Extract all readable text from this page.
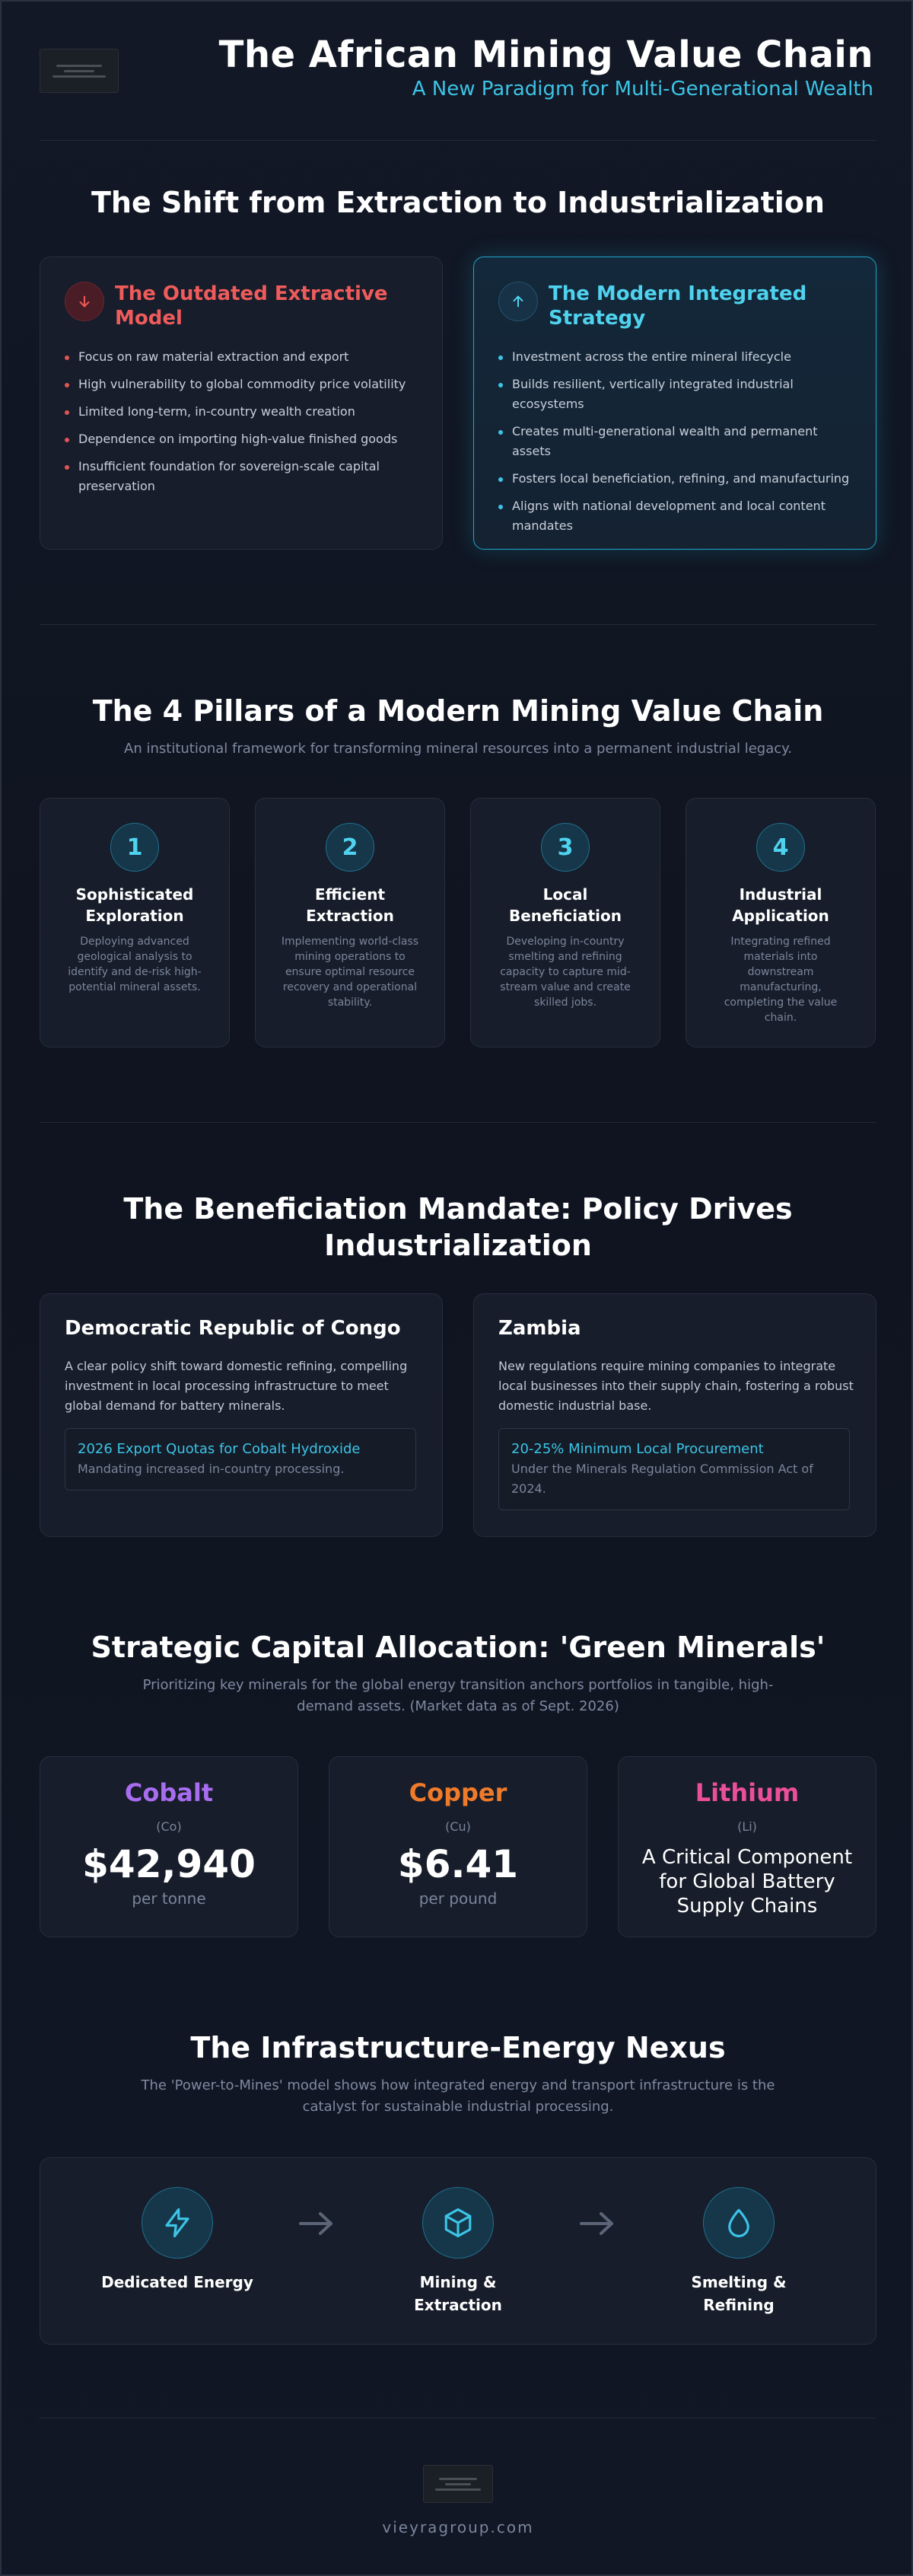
The African Mining Value Chain
A New Paradigm for Multi-Generational Wealth
The Shift from Extraction to Industrialization
The Outdated Extractive Model
Focus on raw material extraction and export
High vulnerability to global commodity price volatility
Limited long-term, in-country wealth creation
Dependence on importing high-value finished goods
Insufficient foundation for sovereign-scale capital preservation
The Modern Integrated Strategy
Investment across the entire mineral lifecycle
Builds resilient, vertically integrated industrial ecosystems
Creates multi-generational wealth and permanent assets
Fosters local beneficiation, refining, and manufacturing
Aligns with national development and local content mandates
The 4 Pillars of a Modern Mining Value Chain
An institutional framework for transforming mineral resources into a permanent industrial legacy.
1
Sophisticated Exploration
Deploying advanced geological analysis to identify and de-risk high-potential mineral assets.
2
Efficient Extraction
Implementing world-class mining operations to ensure optimal resource recovery and operational stability.
3
Local Beneficiation
Developing in-country smelting and refining capacity to capture mid-stream value and create skilled jobs.
4
Industrial Application
Integrating refined materials into downstream manufacturing, completing the value chain.
The Beneficiation Mandate: Policy Drives Industrialization
Democratic Republic of Congo
A clear policy shift toward domestic refining, compelling investment in local processing infrastructure to meet global demand for battery minerals.
2026 Export Quotas for Cobalt Hydroxide
Mandating increased in-country processing.
Zambia
New regulations require mining companies to integrate local businesses into their supply chain, fostering a robust domestic industrial base.
20-25% Minimum Local Procurement
Under the Minerals Regulation Commission Act of 2024.
Strategic Capital Allocation: 'Green Minerals'
Prioritizing key minerals for the global energy transition anchors portfolios in tangible, high-demand assets. (Market data as of Sept. 2026)
Cobalt
(Co)
$42,940
per tonne
Copper
(Cu)
$6.41
per pound
Lithium
(Li)
A Critical Component for Global Battery Supply Chains
The Infrastructure-Energy Nexus
The 'Power-to-Mines' model shows how integrated energy and transport infrastructure is the catalyst for sustainable industrial processing.
Dedicated Energy	Mining & Extraction
Smelting & Refining
vieyragroup.com
